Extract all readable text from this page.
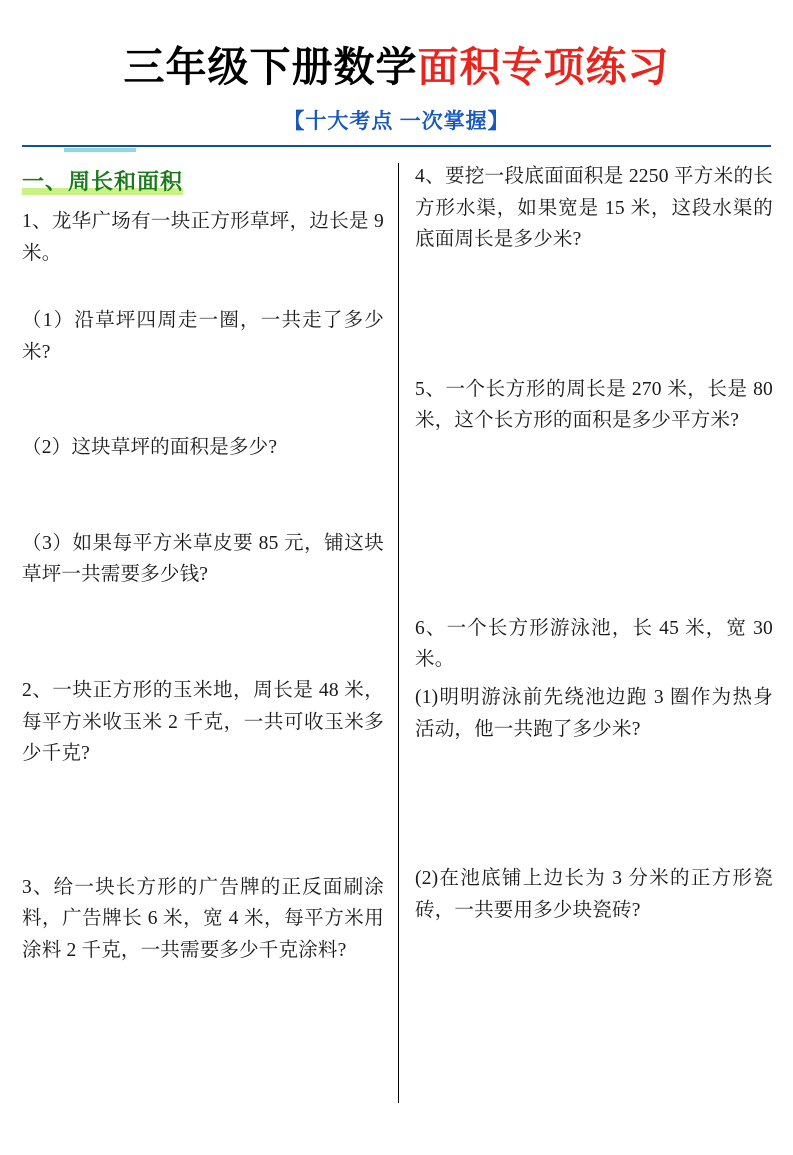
三年级下册数学 面积专项练习
【十大考点 一次掌握】
一、周长和面积

1、龙华广场有一块正方形草坪，边长是 9 米。

（1）沿草坪四周走一圈，一共走了多少米?

（2）这块草坪的面积是多少?

（3）如果每平方米草皮要 85 元，铺这块草坪一共需要多少钱?

2、一块正方形的玉米地，周长是 48 米，每平方米收玉米 2 千克，一共可收玉米多少千克?

3、给一块长方形的广告牌的正反面刷涂料，广告牌长 6 米，宽 4 米，每平方米用涂料 2 千克，一共需要多少千克涂料?

4、要挖一段底面面积是 2250 平方米的长方形水渠，如果宽是 15 米，这段水渠的底面周长是多少米?

5、一个长方形的周长是 270 米，长是 80 米，这个长方形的面积是多少平方米?

6、一个长方形游泳池，长 45 米，宽 30 米。

(1)明明游泳前先绕池边跑 3 圈作为热身活动，他一共跑了多少米?

(2)在池底铺上边长为 3 分米的正方形瓷砖，一共要用多少块瓷砖?
